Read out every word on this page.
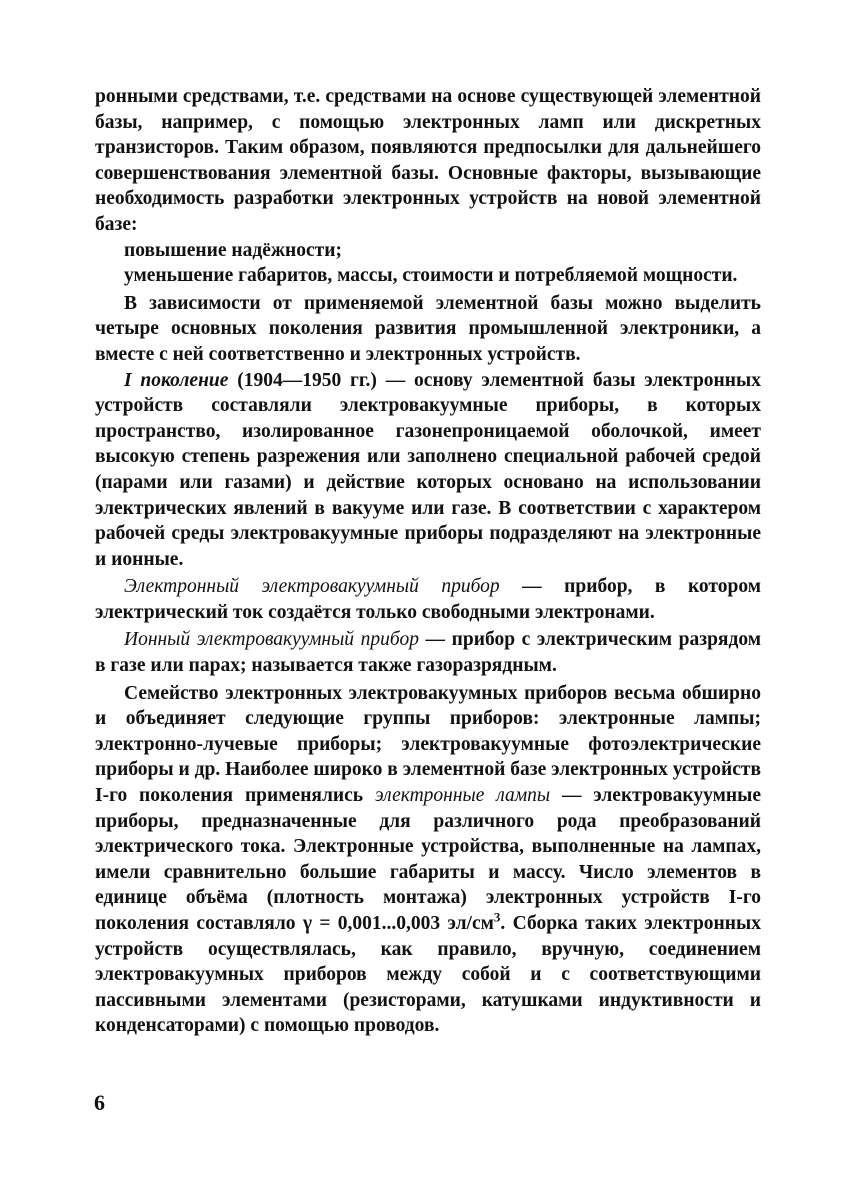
ронными средствами, т.е. средствами на основе существующей элементной базы, например, с помощью электронных ламп или дискретных транзисторов. Таким образом, появляются предпосылки для дальнейшего совершенствования элементной базы. Основные факторы, вызывающие необходимость разработки электронных устройств на новой элементной базе:

повышение надёжности;

уменьшение габаритов, массы, стоимости и потребляемой мощности.

В зависимости от применяемой элементной базы можно выделить четыре основных поколения развития промышленной электроники, а вместе с ней соответственно и электронных устройств.

I поколение (1904—1950 гг.) — основу элементной базы электронных устройств составляли электровакуумные приборы, в которых пространство, изолированное газонепроницаемой оболочкой, имеет высокую степень разрежения или заполнено специальной рабочей средой (парами или газами) и действие которых основано на использовании электрических явлений в вакууме или газе. В соответствии с характером рабочей среды электровакуумные приборы подразделяют на электронные и ионные.

Электронный электровакуумный прибор — прибор, в котором электрический ток создаётся только свободными электронами.

Ионный электровакуумный прибор — прибор с электрическим разрядом в газе или парах; называется также газоразрядным.

Семейство электронных электровакуумных приборов весьма обширно и объединяет следующие группы приборов: электронные лампы; электронно-лучевые приборы; электровакуумные фотоэлектрические приборы и др. Наиболее широко в элементной базе электронных устройств I-го поколения применялись электронные лампы — электровакуумные приборы, предназначенные для различного рода преобразований электрического тока. Электронные устройства, выполненные на лампах, имели сравнительно большие габариты и массу. Число элементов в единице объёма (плотность монтажа) электронных устройств I-го поколения составляло γ = 0,001...0,003 $эл/см^3$. Сборка таких электронных устройств осуществлялась, как правило, вручную, соединением электровакуумных приборов между собой и с соответствующими пассивными элементами (резисторами, катушками индуктивности и конденсаторами) с помощью проводов.

6
